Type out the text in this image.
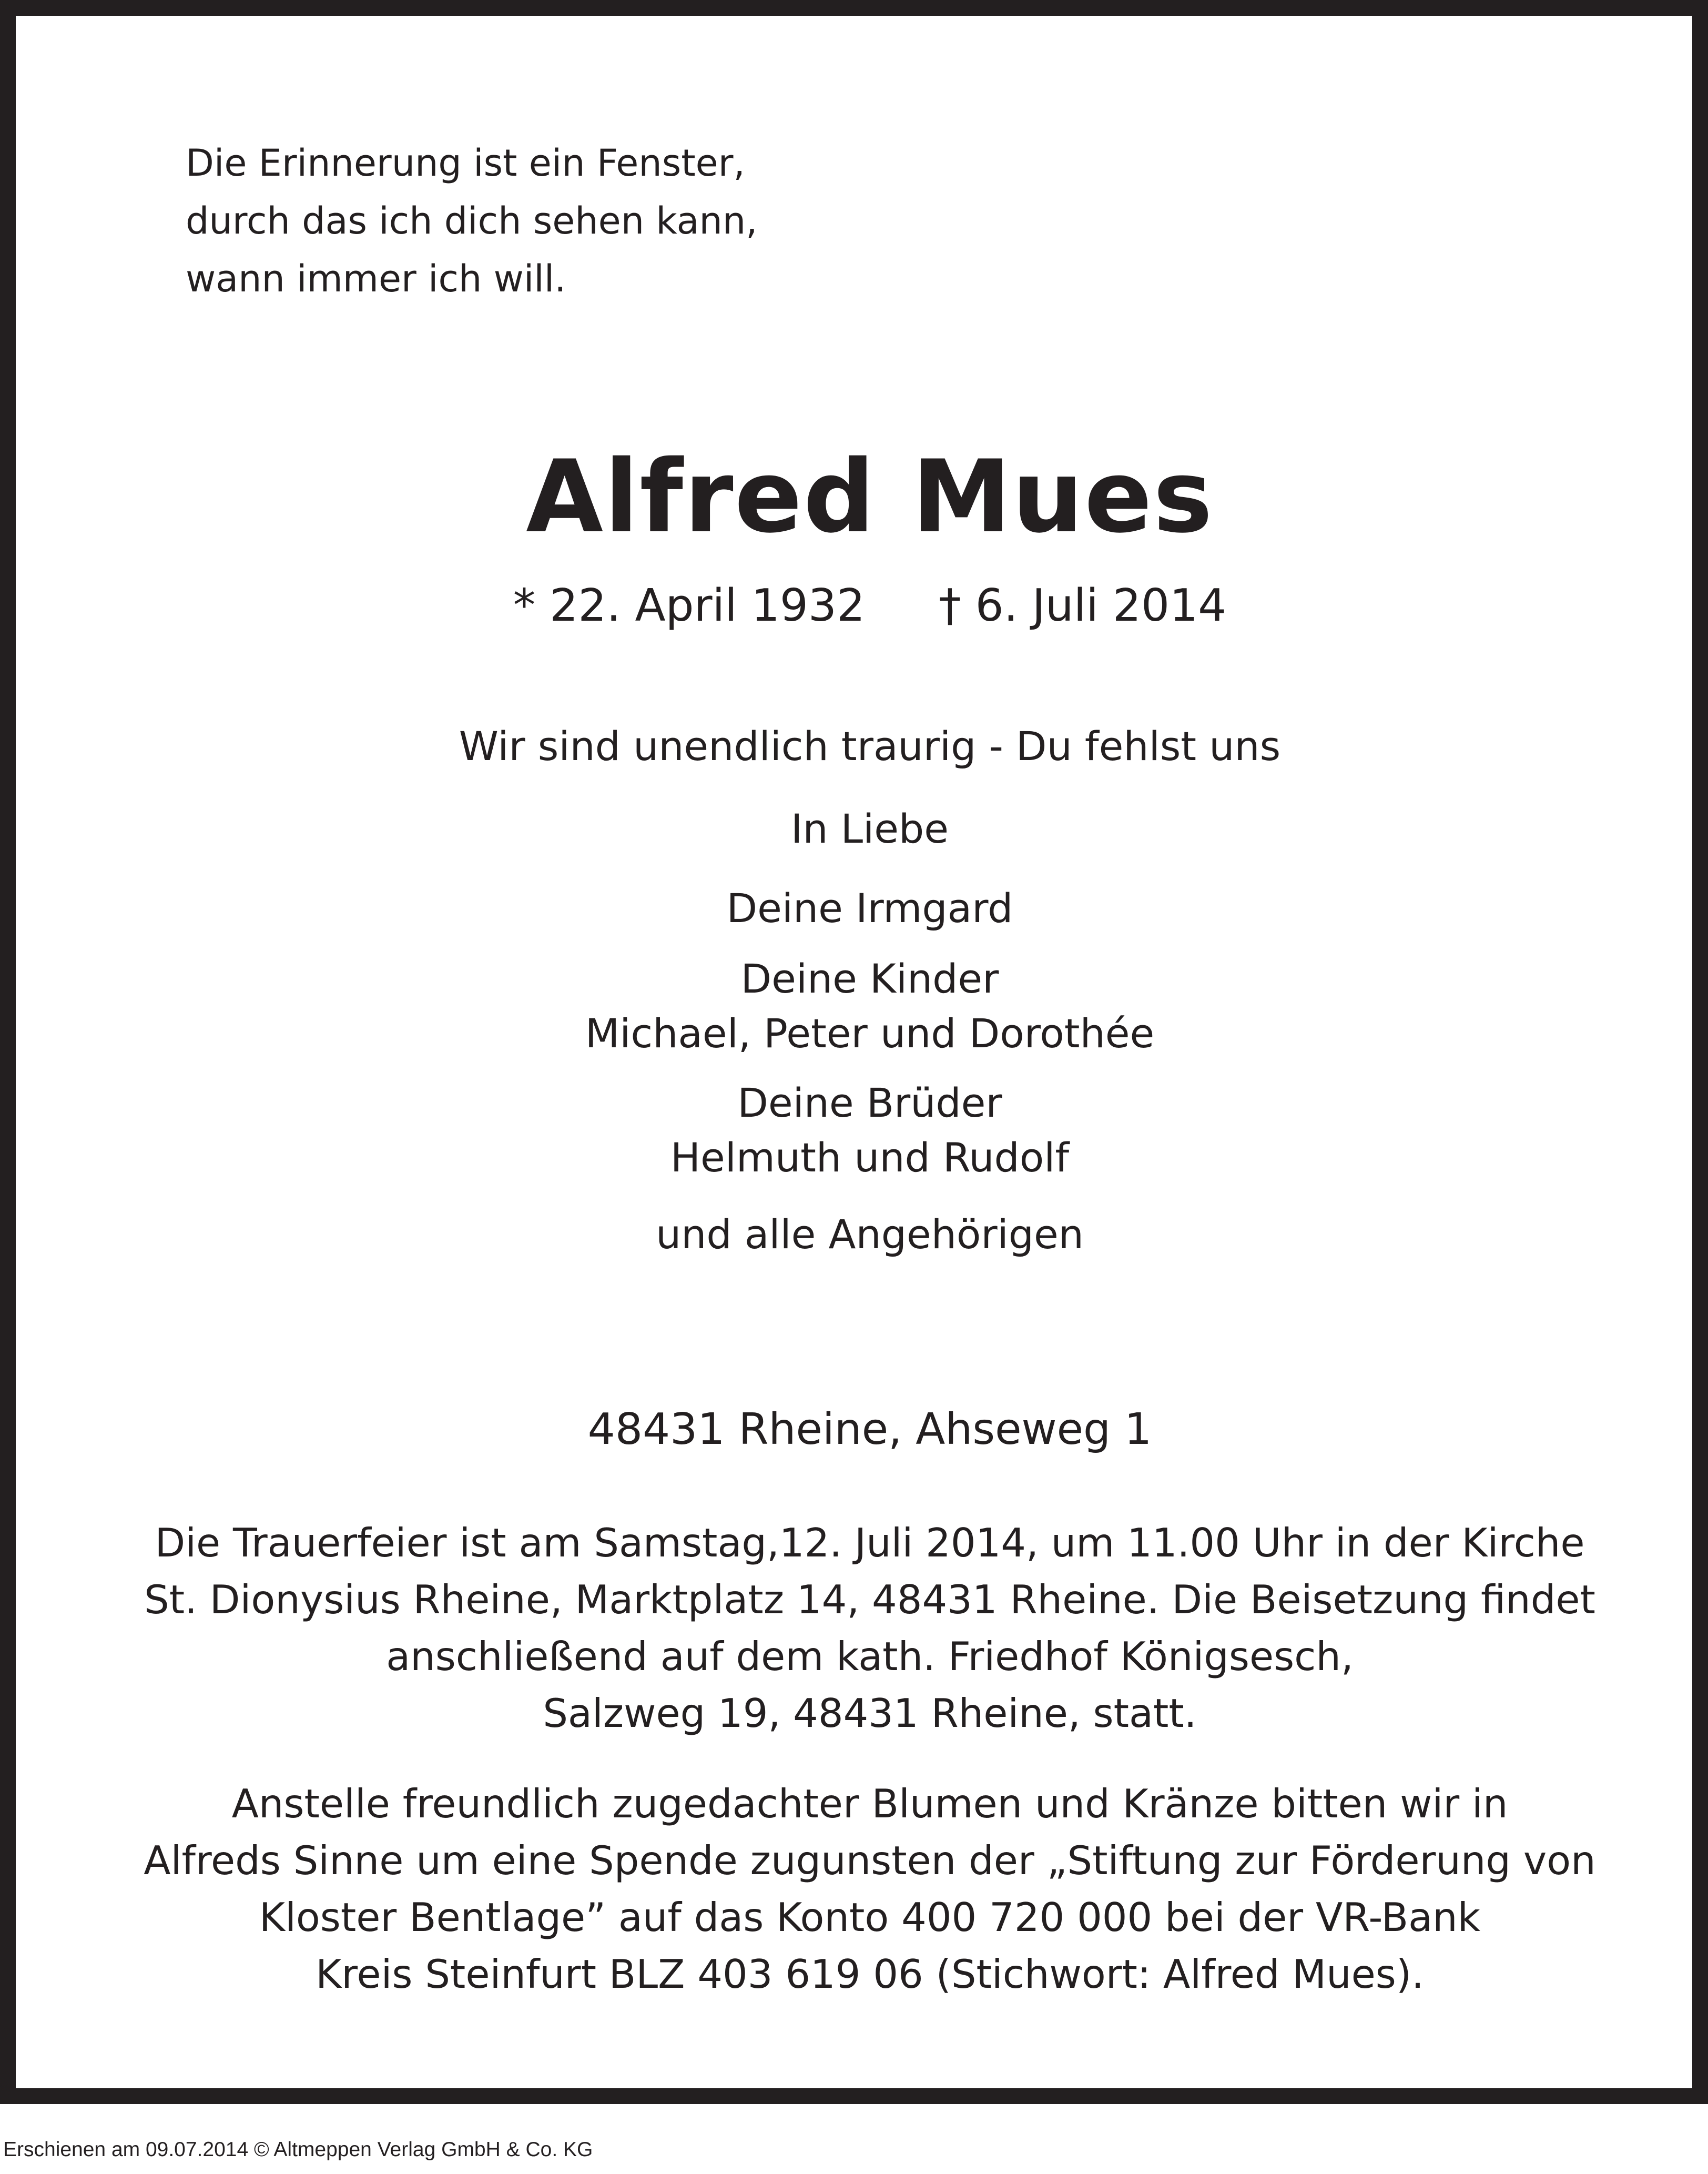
Die Erinnerung ist ein Fenster,
durch das ich dich sehen kann,
wann immer ich will.
Alfred Mues
* 22. April 1932 † 6. Juli 2014
Wir sind unendlich traurig - Du fehlst uns
In Liebe
Deine Irmgard
Deine Kinder
Michael, Peter und Dorothée
Deine Brüder
Helmuth und Rudolf
und alle Angehörigen
48431 Rheine, Ahseweg 1
Die Trauerfeier ist am Samstag,12. Juli 2014, um 11.00 Uhr in der Kirche
St. Dionysius Rheine, Marktplatz 14, 48431 Rheine. Die Beisetzung findet
anschließend auf dem kath. Friedhof Königsesch,
Salzweg 19, 48431 Rheine, statt.
Anstelle freundlich zugedachter Blumen und Kränze bitten wir in
Alfreds Sinne um eine Spende zugunsten der „Stiftung zur Förderung von
Kloster Bentlage” auf das Konto 400 720 000 bei der VR-Bank
Kreis Steinfurt BLZ 403 619 06 (Stichwort: Alfred Mues).
Erschienen am 09.07.2014 © Altmeppen Verlag GmbH & Co. KG
